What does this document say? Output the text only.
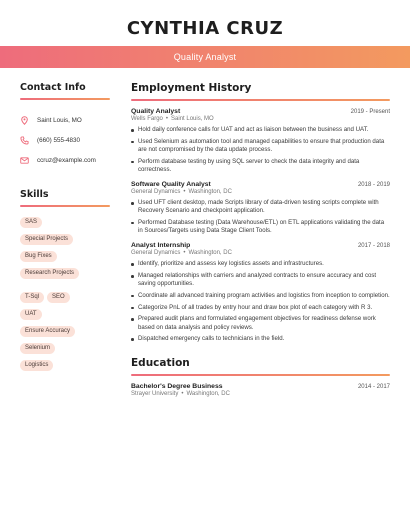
CYNTHIA CRUZ
Quality Analyst
Contact Info
Saint Louis, MO
(660) 555-4830
ccruz@example.com
Skills
SAS
Special Projects
Bug Fixes
Research Projects
T-Sql SEO
UAT
Ensure Accuracy
Selenium
Logistics
Employment History
Quality Analyst	2019 - Present
Wells Fargo • Saint Louis, MO
Hold daily conference calls for UAT and act as liaison between the business and UAT.
Used Selenium as automation tool and managed capabilities to ensure that production data are not compromised by the data update process.
Perform database testing by using SQL server to check the data integrity and data correctness.
Software Quality Analyst	2018 - 2019
General Dynamics • Washington, DC
Used UFT client desktop, made Scripts library of data-driven testing scripts complete with Recovery Scenario and checkpoint application.
Performed Database testing (Data Warehouse/ETL) on ETL applications validating the data in Sources/Targets using Data Stage Client Tools.
Analyst Internship	2017 - 2018
General Dynamics • Washington, DC
Identify, prioritize and assess key logistics assets and infrastructures.
Managed relationships with carriers and analyzed contracts to ensure accuracy and cost saving opportunities.
Coordinate all advanced training program activities and logistics from inception to completion.
Categorize PnL of all trades by entry hour and draw box plot of each category with R 3.
Prepared audit plans and formulated engagement objectives for readiness defense work based on data analysis and policy reviews.
Dispatched emergency calls to technicians in the field.
Education
Bachelor's Degree Business	2014 - 2017
Strayer University • Washington, DC
